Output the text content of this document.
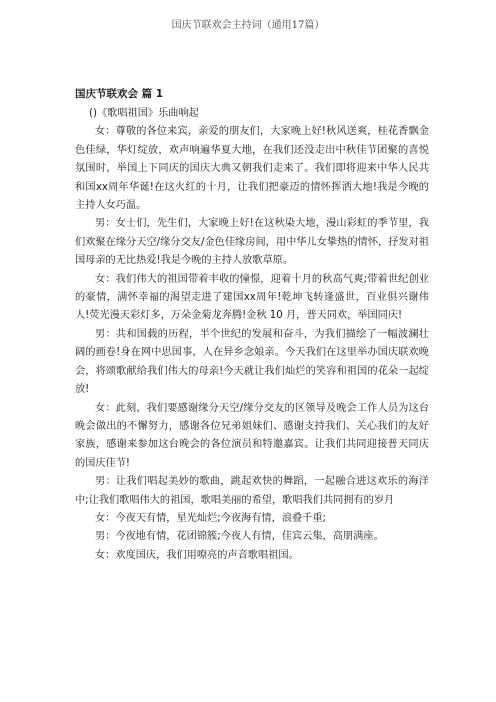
国庆节联欢会主持词（通用17篇）
国庆节联欢会 篇 1

()《歌唱祖国》乐曲响起

女：尊敬的各位来宾，亲爱的朋友们，大家晚上好!秋风送爽，桂花香飘金色佳绿，华灯绽放，欢声响遍华夏大地，在我们还没走出中秋佳节团聚的喜悦氛围时，举国上下同庆的国庆大典又朝我们走来了。我们即将迎来中华人民共和国xx周年华诞!在这火红的十月，让我们把豪迈的情怀挥洒大地!我是今晚的主持人女巧温。

男：女士们，先生们，大家晚上好!在这秋染大地，漫山彩虹的季节里，我们欢聚在缘分天空/缘分交友/金色佳缘房间，用中华儿女挚热的情怀，抒发对祖国母亲的无比热爱!我是今晚的主持人放歌草原。

女：我们伟大的祖国带着丰收的憧憬，迎着十月的秋高气爽;带着世纪创业的豪情，满怀幸福的渴望走进了建国xx周年!乾坤飞转逢盛世，百业俱兴谢伟人!荧光漫天彩灯多，万朵金菊龙奔腾!金秋 10 月，普天同欢，举国同庆!

男：共和国载的历程，半个世纪的发展和奋斗，为我们描绘了一幅波澜壮阔的画卷!身在网中思国事，人在异乡念娘亲。今天我们在这里举办国庆联欢晚会，将颂歌献给我们伟大的母亲!今天就让我们灿烂的笑容和祖国的花朵一起绽放!

女：此刻，我们要感谢缘分天空/缘分交友的区领导及晚会工作人员为这台晚会做出的不懈努力，感谢各位兄弟姐妹们、感谢支持我们、关心我们的友好家族，感谢来参加这台晚会的各位演员和特邀嘉宾。让我们共同迎接普天同庆的国庆佳节!

男：让我们唱起美妙的歌曲，跳起欢快的舞蹈，一起融合进这欢乐的海洋中;让我们歌唱伟大的祖国，歌唱美丽的希望，歌唱我们共同拥有的岁月

女：今夜天有情，星光灿烂;今夜海有情，浪叠千重;

男：今夜地有情，花团锦簇;今夜人有情，佳宾云集，高朋满座。

女：欢度国庆，我们用嘹亮的声音歌唱祖国。
